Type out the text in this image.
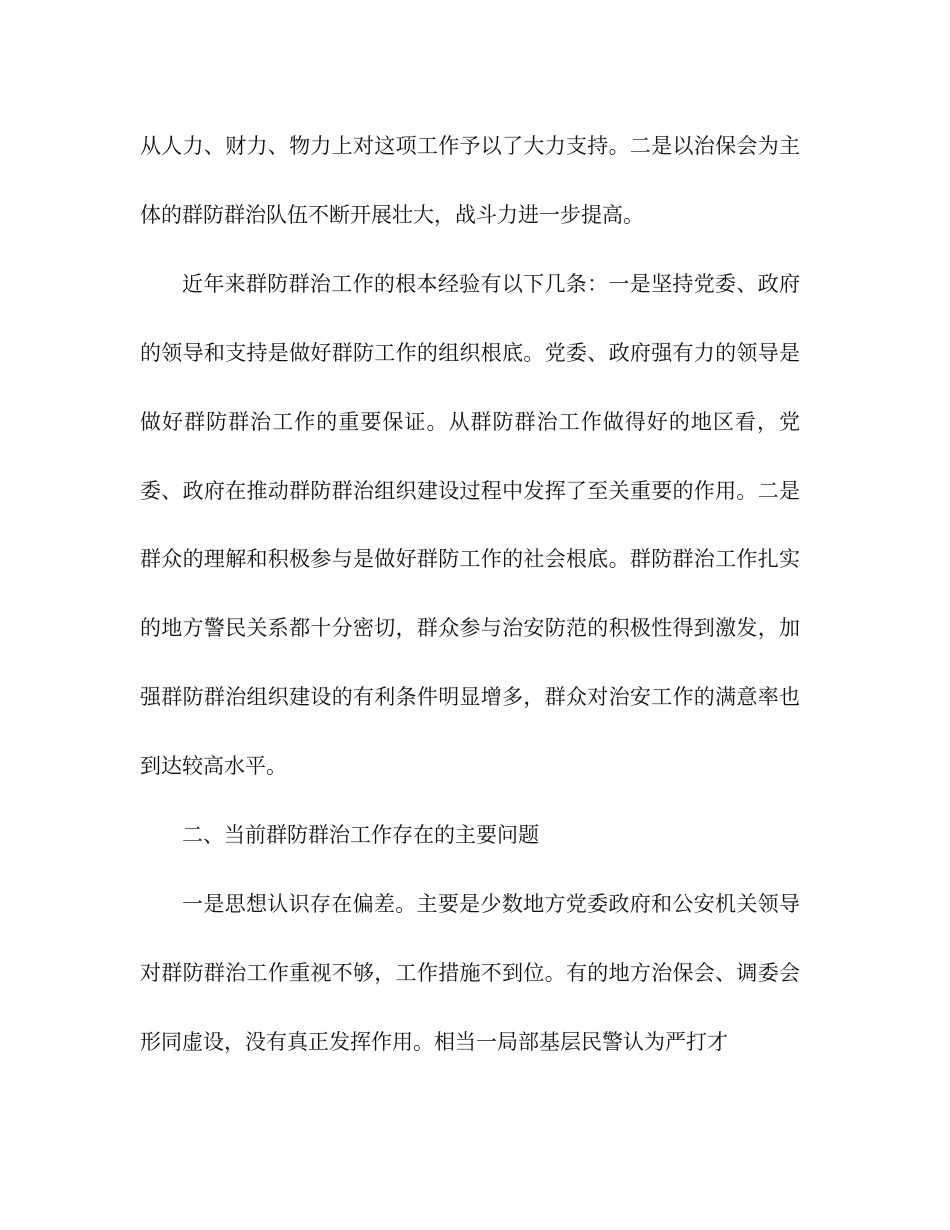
从人力、财力、物力上对这项工作予以了大力支持。二是以治保会为主体的群防群治队伍不断开展壮大，战斗力进一步提高。

近年来群防群治工作的根本经验有以下几条：一是坚持党委、政府的领导和支持是做好群防工作的组织根底。党委、政府强有力的领导是做好群防群治工作的重要保证。从群防群治工作做得好的地区看，党委、政府在推动群防群治组织建设过程中发挥了至关重要的作用。二是群众的理解和积极参与是做好群防工作的社会根底。群防群治工作扎实的地方警民关系都十分密切，群众参与治安防范的积极性得到激发，加强群防群治组织建设的有利条件明显增多，群众对治安工作的满意率也到达较高水平。

二、当前群防群治工作存在的主要问题

一是思想认识存在偏差。主要是少数地方党委政府和公安机关领导对群防群治工作重视不够，工作措施不到位。有的地方治保会、调委会形同虚设，没有真正发挥作用。相当一局部基层民警认为严打才
